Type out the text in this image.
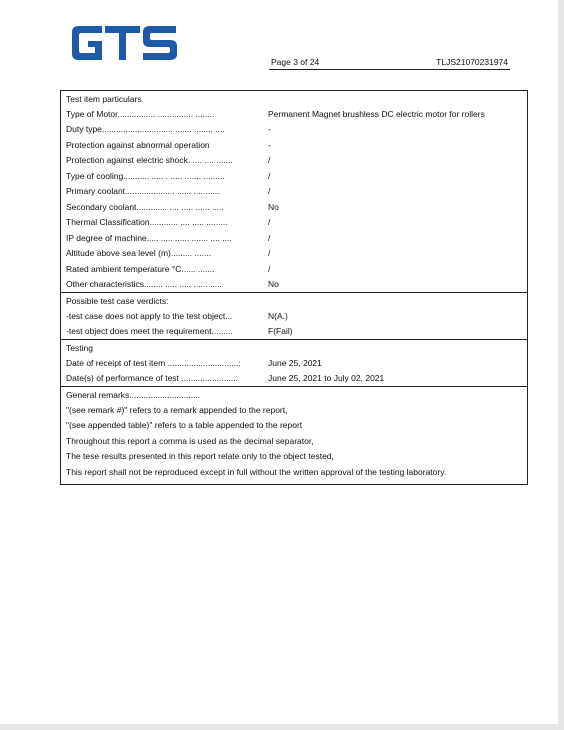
Page 3 of 24	TLJS21070231974
Test item particulars	
Type of Motor................ ............... ........	Permanent Magnet brushless DC electric motor for rollers
Duty type.............................. ....... ........ ....	-
Protection against abnormal operation	-
Protection against electric shock. .... .... .......	/
Type of cooling........... ..... . ..... ....... .........	/
Primary coolant..................... ...... ...........	/
Secondary coolant............. .... ..... ...... .....	No
Thermal Classification............ .... ..... .........	/
IP degree of machine..... ..... ...... ....... .... ....	/
Altitude above sea level (m)......... .......	/
Rated ambient temperature °C...... .......	/
Other characteristics........ ..... ..... ...... .....	No
Possible test case verdicts:	
-test case does not apply to the test object...	N(A.)
-test object does meet the requirement.........	F(Fail)
Testing	
Date of receipt of test item ..............................:	June 25, 2021
Date(s) of performance of test .......................:	June 25, 2021 to July 02, 2021
General remarks..............................	
"(see remark #)" refers to a remark appended to the report,	
"(see appended table)" refers to a table appended to the report	
Throughout this report a comma is used as the decimal separator,	
The tese results presented in this report relate only to the object tested,	
This report shall not be reproduced except in full without the written approval of the testing laboratory.	
